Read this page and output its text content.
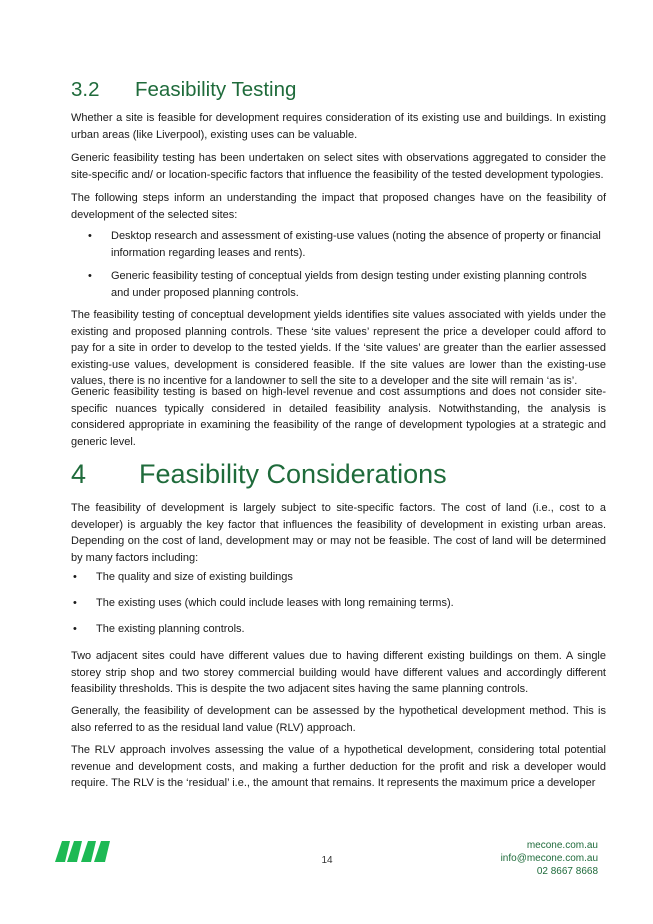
3.2 Feasibility Testing

Whether a site is feasible for development requires consideration of its existing use and buildings. In existing urban areas (like Liverpool), existing uses can be valuable.

Generic feasibility testing has been undertaken on select sites with observations aggregated to consider the site-specific and/ or location-specific factors that influence the feasibility of the tested development typologies.

The following steps inform an understanding the impact that proposed changes have on the feasibility of development of the selected sites:

• Desktop research and assessment of existing-use values (noting the absence of property or financial information regarding leases and rents).
• Generic feasibility testing of conceptual yields from design testing under existing planning controls and under proposed planning controls.

The feasibility testing of conceptual development yields identifies site values associated with yields under the existing and proposed planning controls. These ‘site values’ represent the price a developer could afford to pay for a site in order to develop to the tested yields. If the ‘site values’ are greater than the earlier assessed existing-use values, development is considered feasible. If the site values are lower than the existing-use values, there is no incentive for a landowner to sell the site to a developer and the site will remain ‘as is’.

Generic feasibility testing is based on high-level revenue and cost assumptions and does not consider site-specific nuances typically considered in detailed feasibility analysis. Notwithstanding, the analysis is considered appropriate in examining the feasibility of the range of development typologies at a strategic and generic level.

4 Feasibility Considerations

The feasibility of development is largely subject to site-specific factors. The cost of land (i.e., cost to a developer) is arguably the key factor that influences the feasibility of development in existing urban areas. Depending on the cost of land, development may or may not be feasible. The cost of land will be determined by many factors including:

• The quality and size of existing buildings
• The existing uses (which could include leases with long remaining terms).
• The existing planning controls.

Two adjacent sites could have different values due to having different existing buildings on them. A single storey strip shop and two storey commercial building would have different values and accordingly different feasibility thresholds. This is despite the two adjacent sites having the same planning controls.

Generally, the feasibility of development can be assessed by the hypothetical development method. This is also referred to as the residual land value (RLV) approach.

The RLV approach involves assessing the value of a hypothetical development, considering total potential revenue and development costs, and making a further deduction for the profit and risk a developer would require. The RLV is the ‘residual’ i.e., the amount that remains. It represents the maximum price a developer

14
mecone.com.au
info@mecone.com.au
02 8667 8668
